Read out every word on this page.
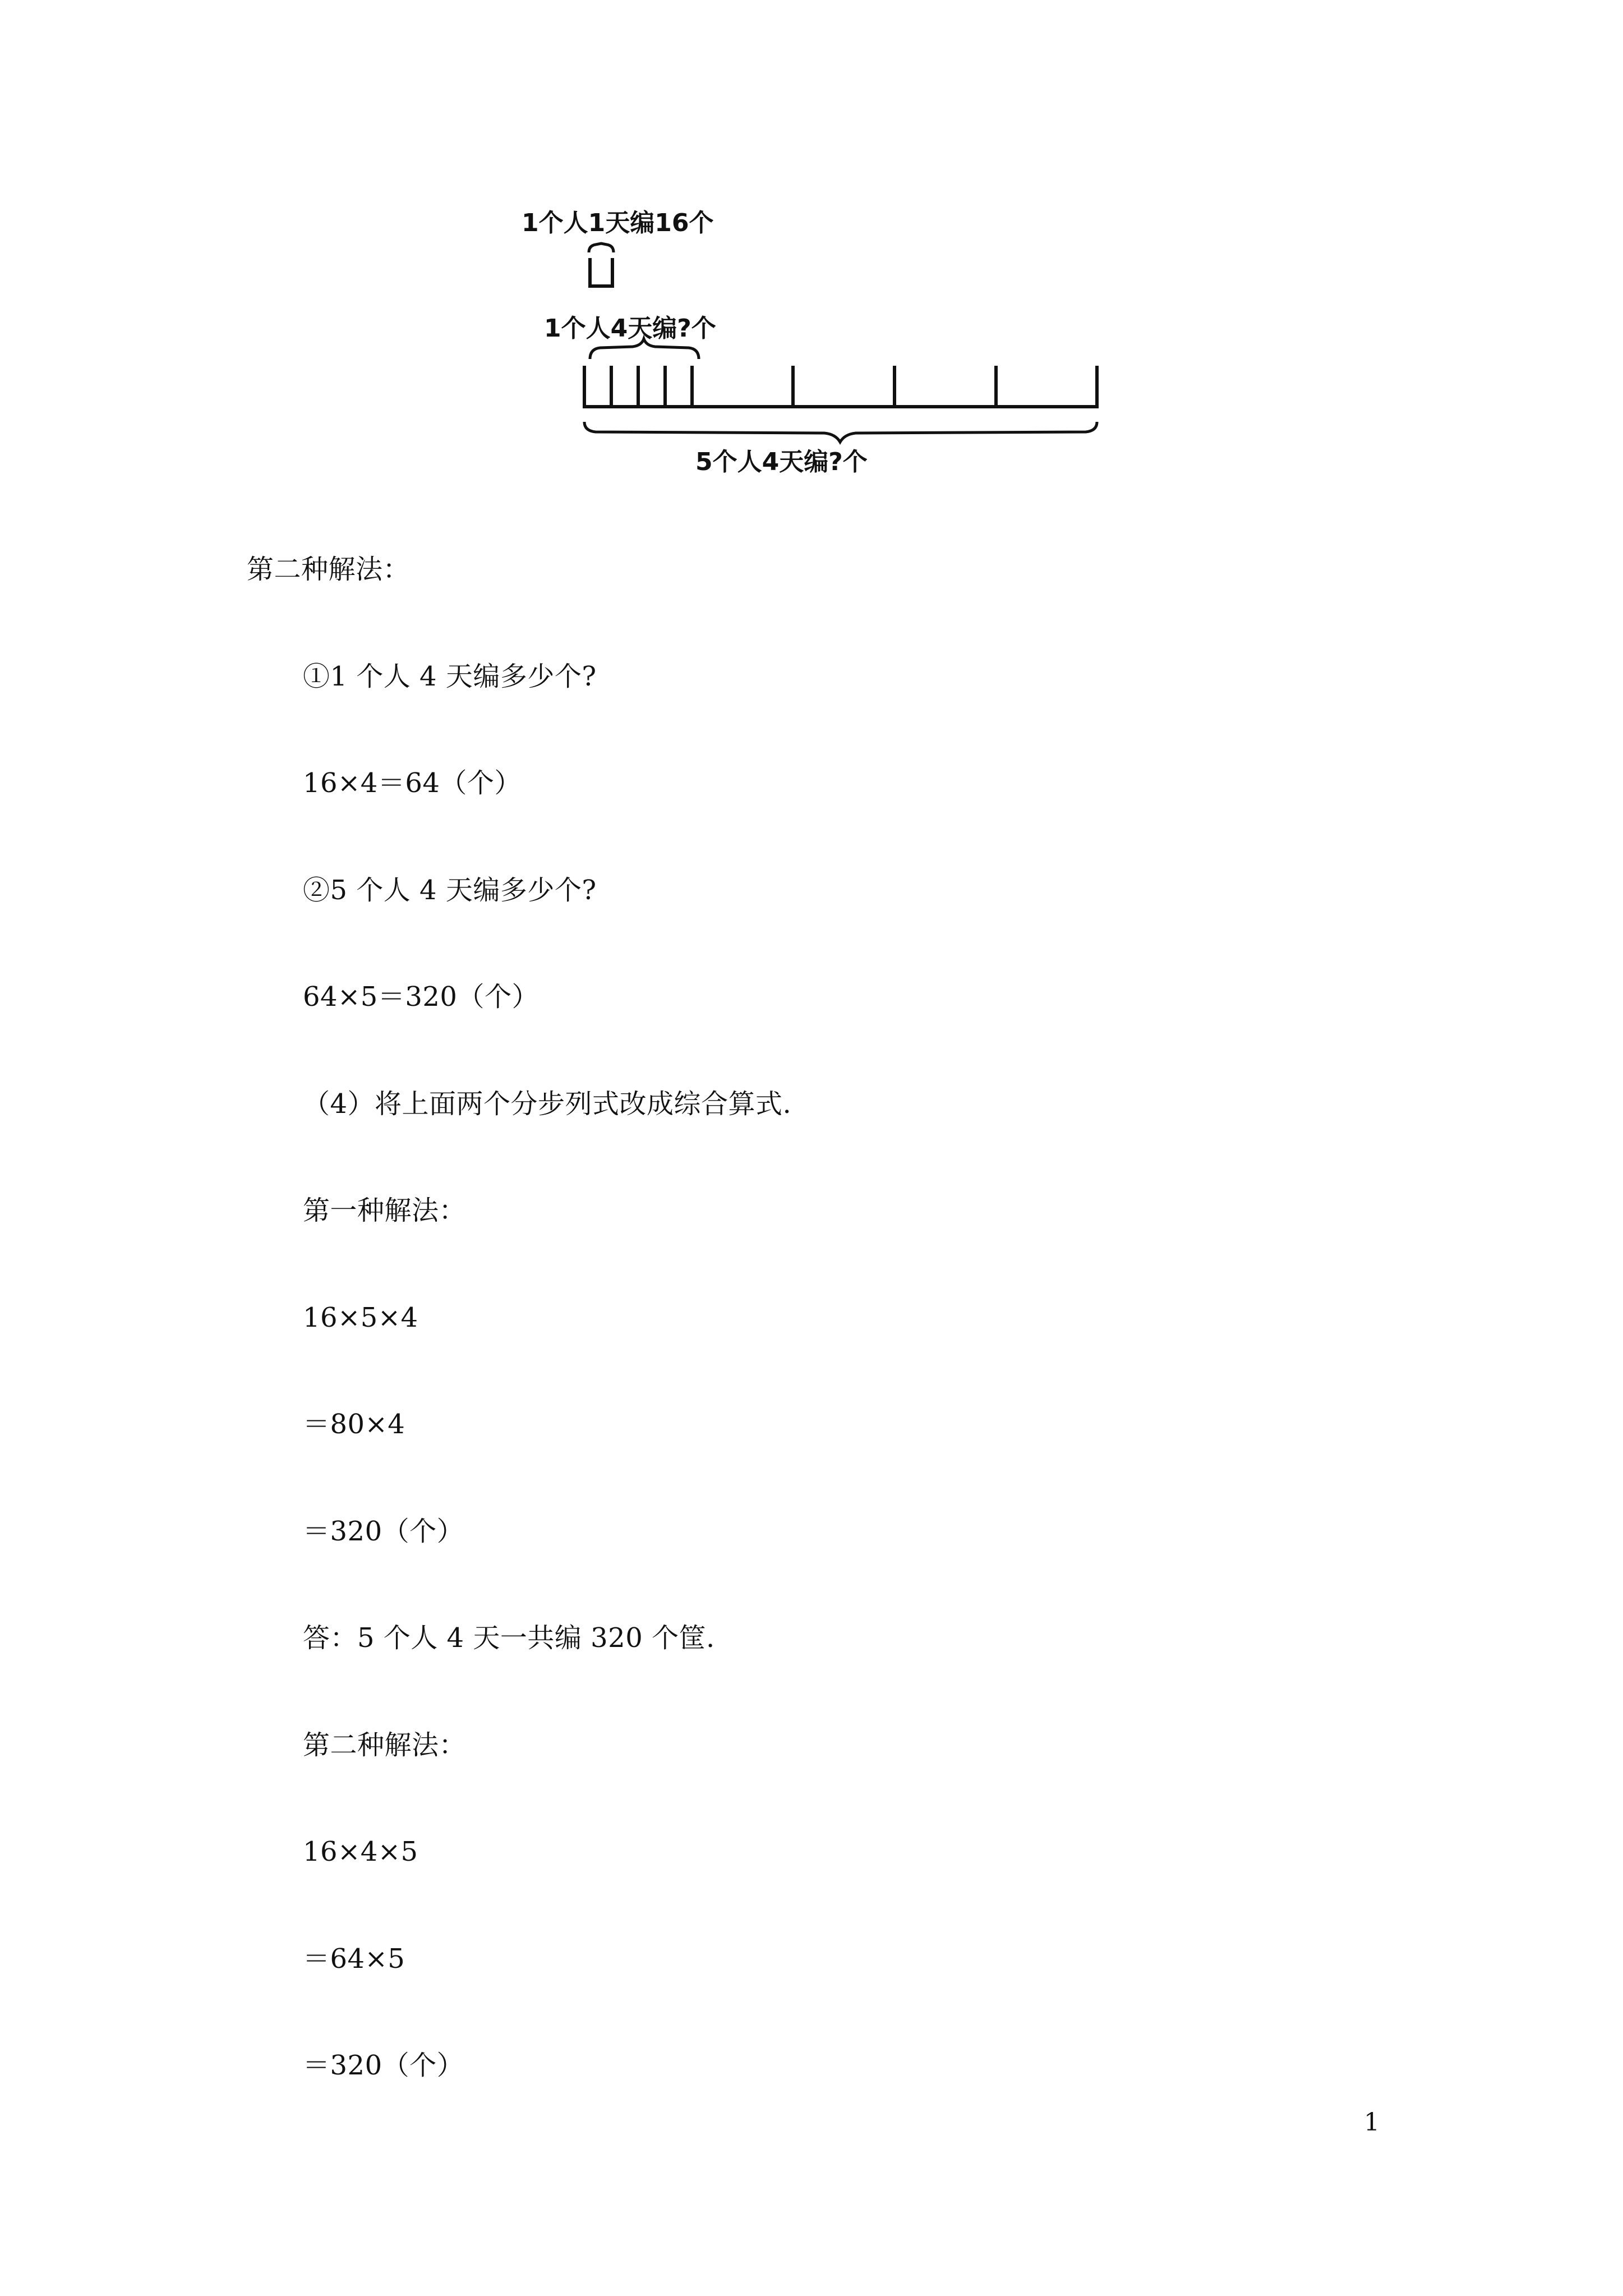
1个人1天编16个
1个人4天编?个
5个人4天编?个
第二种解法：
①1 个人 4 天编多少个?
16×4＝64（个）
②5 个人 4 天编多少个?
64×5＝320（个）
（4）将上面两个分步列式改成综合算式.
第一种解法：
16×5×4
＝80×4
＝320（个）
答：5 个人 4 天一共编 320 个筐.
第二种解法：
16×4×5
＝64×5
＝320（个）
1
